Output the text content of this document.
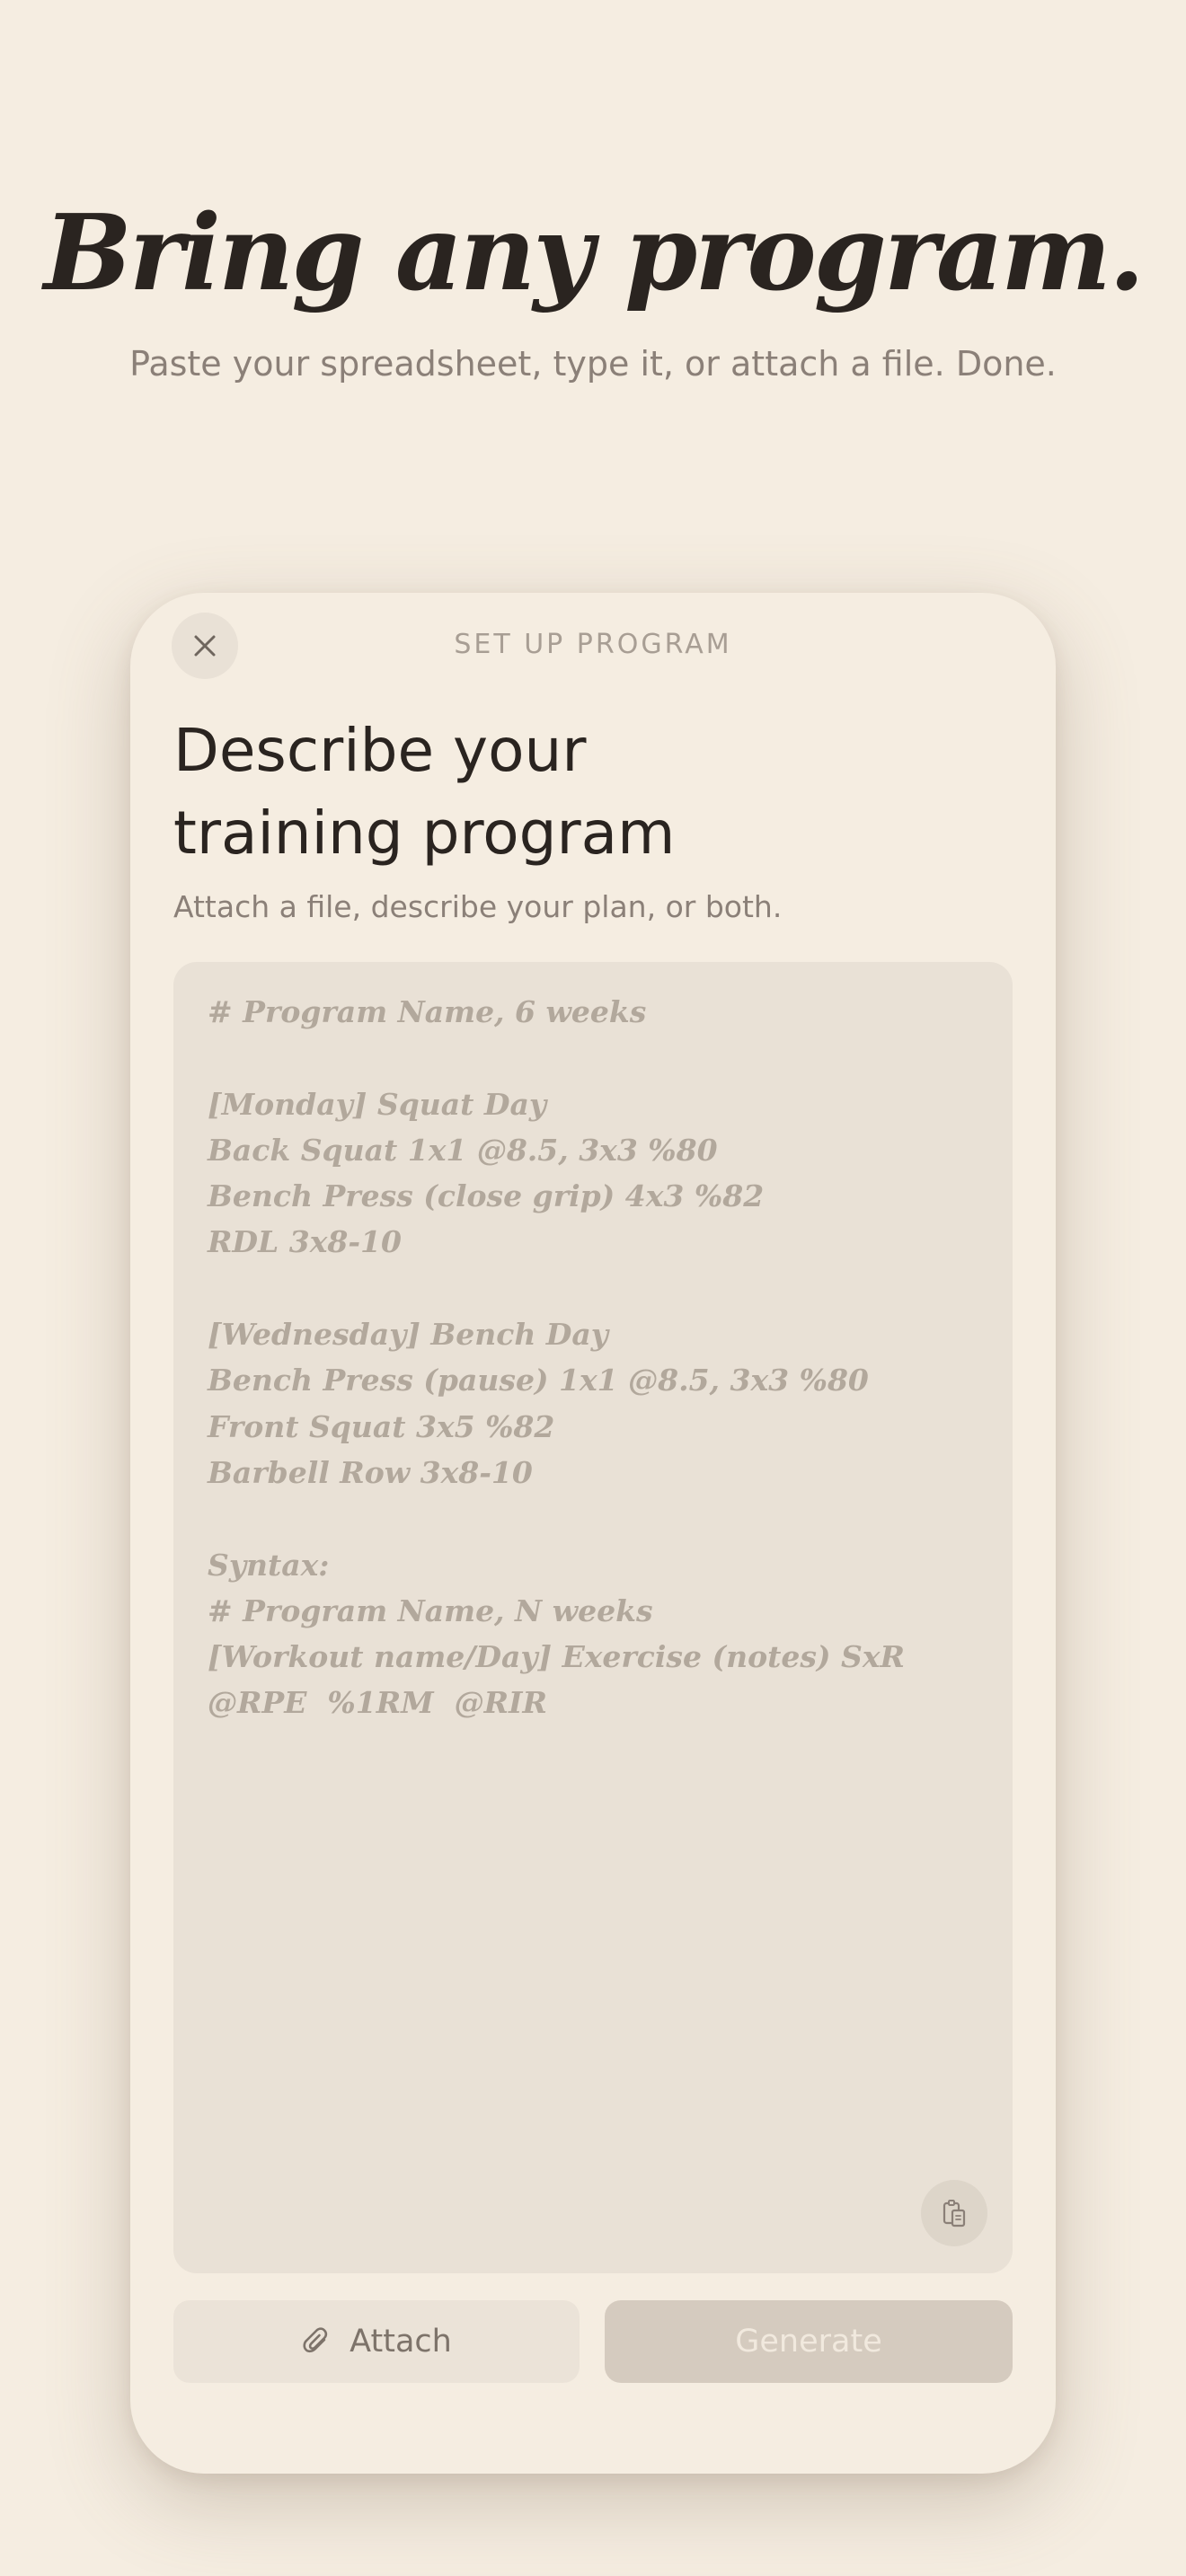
Bring any program.
Paste your spreadsheet, type it, or attach a file. Done.
SET UP PROGRAM
Describe your
training program
Attach a file, describe your plan, or both.
# Program Name, 6 weeks

[Monday] Squat Day
Back Squat 1x1 @8.5, 3x3 %80
Bench Press (close grip) 4x3 %82
RDL 3x8-10

[Wednesday] Bench Day
Bench Press (pause) 1x1 @8.5, 3x3 %80
Front Squat 3x5 %82
Barbell Row 3x8-10

Syntax:
# Program Name, N weeks
[Workout name/Day] Exercise (notes) SxR
@RPE  %1RM  @RIR
Attach	Generate
